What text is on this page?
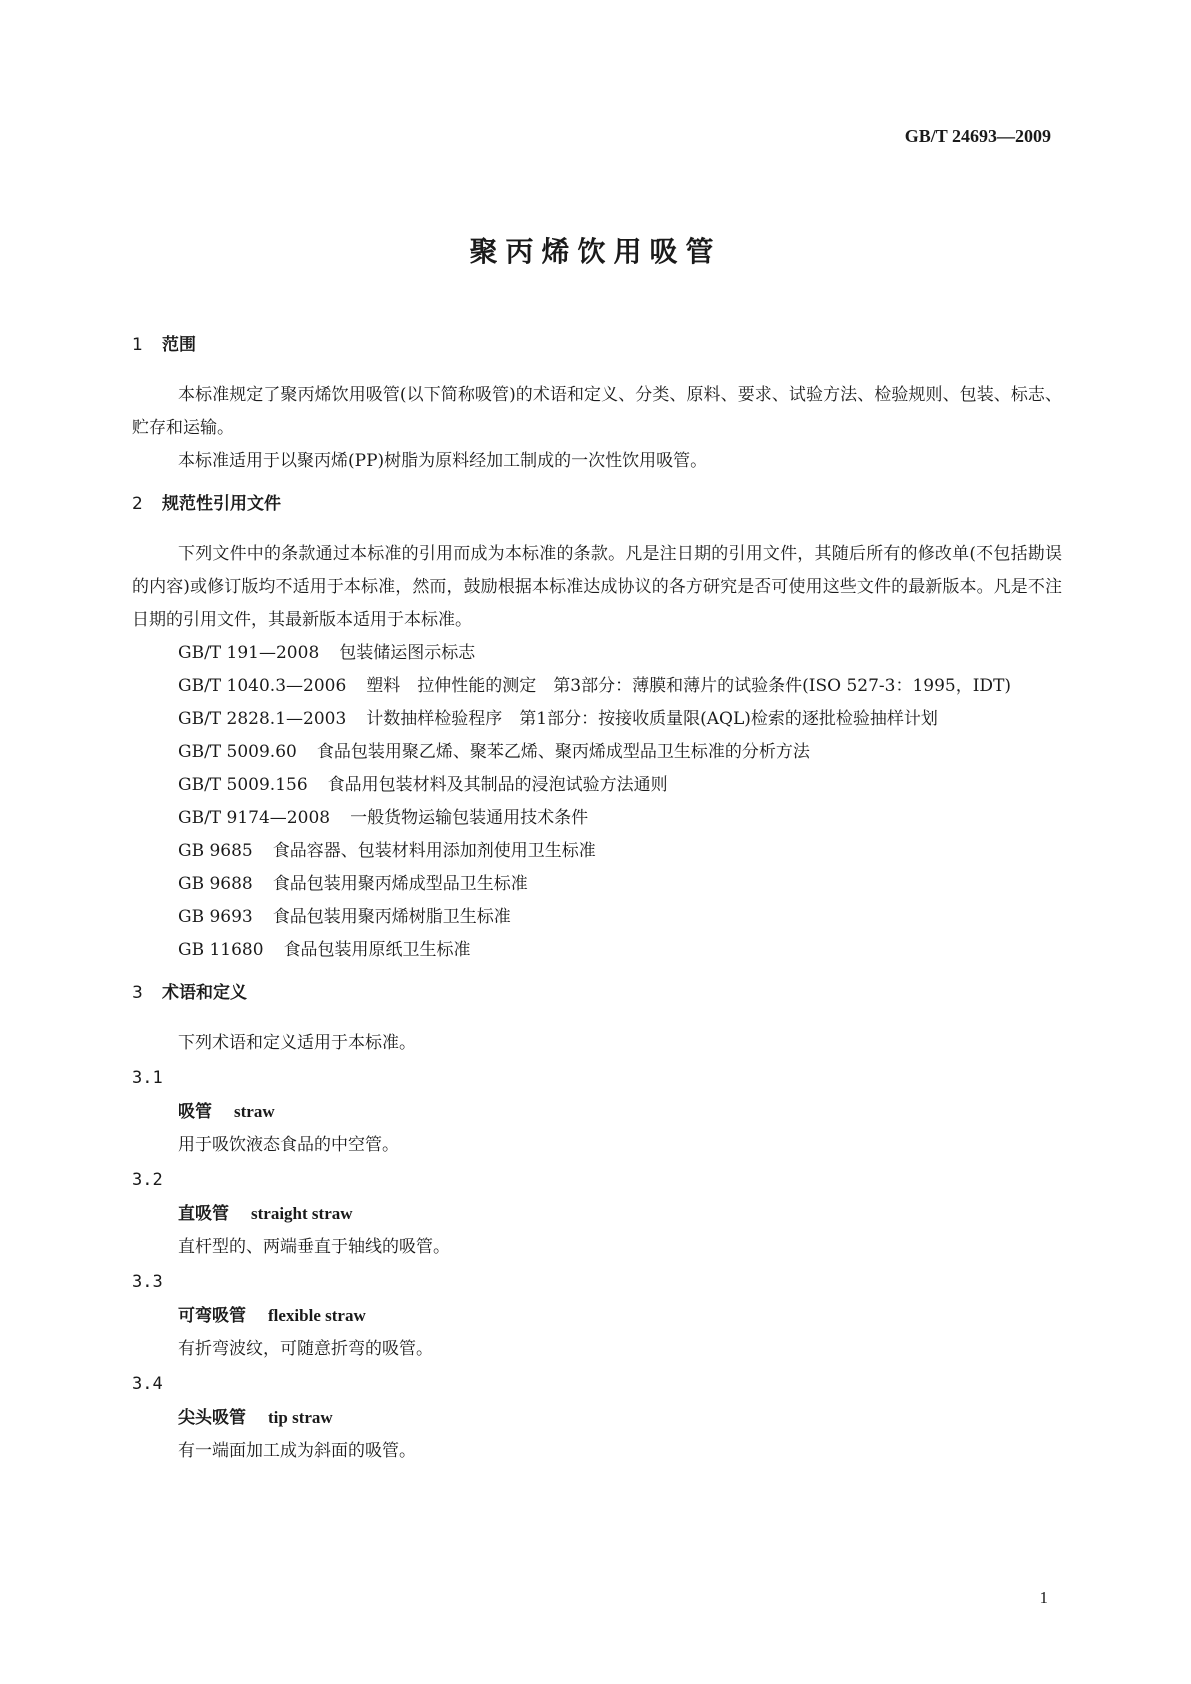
GB/T 24693—2009
聚丙烯饮用吸管
1 范围

本标准规定了聚丙烯饮用吸管(以下简称吸管)的术语和定义、分类、原料、要求、试验方法、检验规则、包装、标志、贮存和运输。

本标准适用于以聚丙烯(PP)树脂为原料经加工制成的一次性饮用吸管。

2 规范性引用文件

下列文件中的条款通过本标准的引用而成为本标准的条款。凡是注日期的引用文件，其随后所有的修改单(不包括勘误的内容)或修订版均不适用于本标准，然而，鼓励根据本标准达成协议的各方研究是否可使用这些文件的最新版本。凡是不注日期的引用文件，其最新版本适用于本标准。

GB/T 191—2008 包装储运图示标志
GB/T 1040.3—2006 塑料　拉伸性能的测定　第3部分：薄膜和薄片的试验条件(ISO 527-3：1995，IDT)
GB/T 2828.1—2003 计数抽样检验程序　第1部分：按接收质量限(AQL)检索的逐批检验抽样计划
GB/T 5009.60 食品包装用聚乙烯、聚苯乙烯、聚丙烯成型品卫生标准的分析方法
GB/T 5009.156 食品用包装材料及其制品的浸泡试验方法通则
GB/T 9174—2008 一般货物运输包装通用技术条件
GB 9685 食品容器、包装材料用添加剂使用卫生标准
GB 9688 食品包装用聚丙烯成型品卫生标准
GB 9693 食品包装用聚丙烯树脂卫生标准
GB 11680 食品包装用原纸卫生标准
3 术语和定义

下列术语和定义适用于本标准。

3.1
吸管 straw
用于吸饮液态食品的中空管。
3.2
直吸管 straight straw
直杆型的、两端垂直于轴线的吸管。
3.3
可弯吸管 flexible straw
有折弯波纹，可随意折弯的吸管。
3.4
尖头吸管 tip straw
有一端面加工成为斜面的吸管。
1
